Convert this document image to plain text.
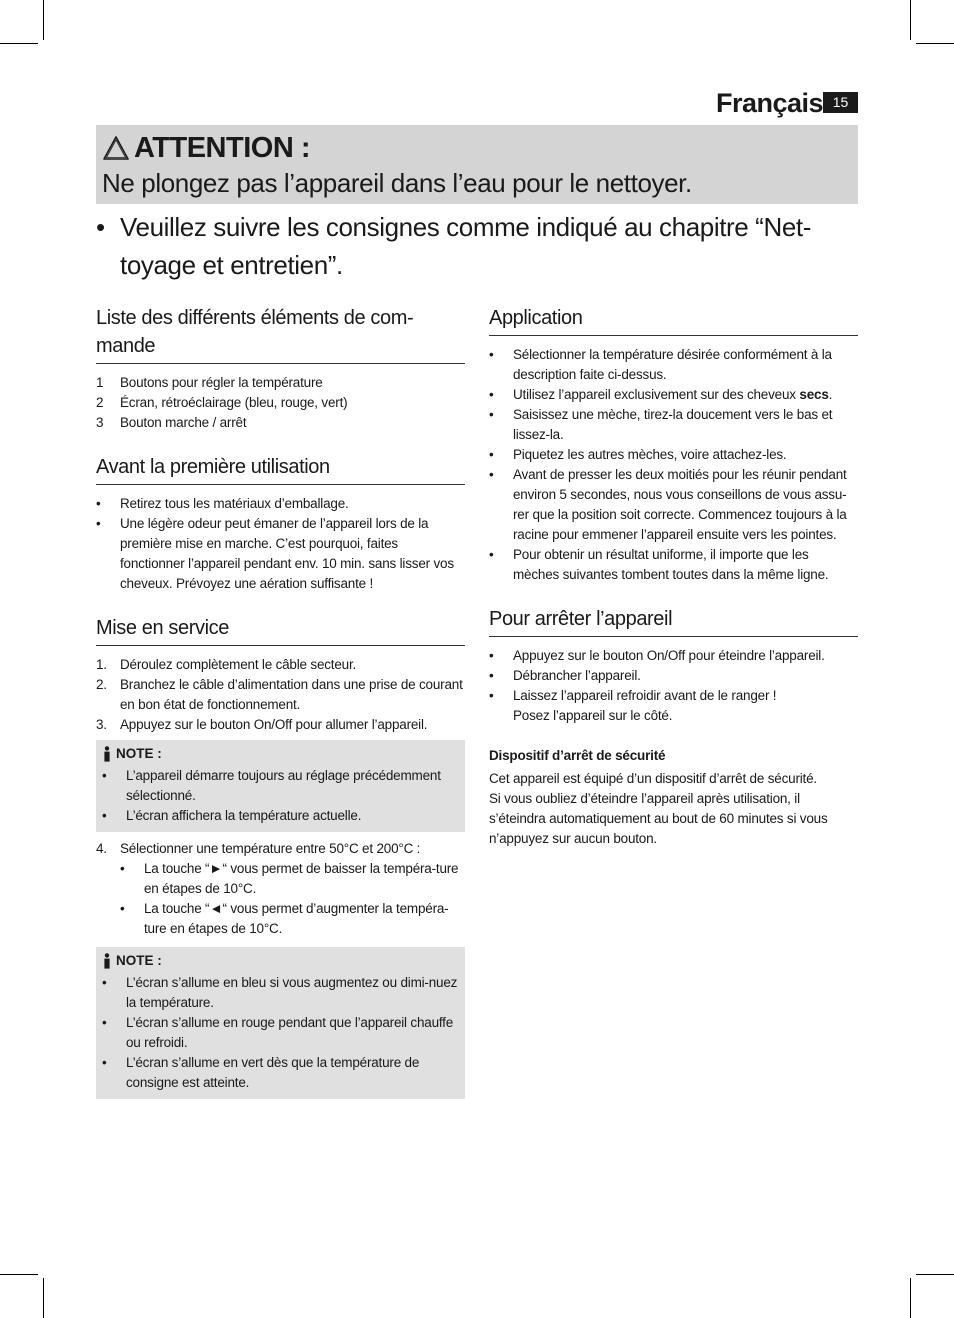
Français 15
ATTENTION :
Ne plongez pas l’appareil dans l’eau pour le nettoyer.
• Veuillez suivre les consignes comme indiqué au chapitre “Net-
toyage et entretien”.
Liste des différents éléments de com-
mande
1 Boutons pour régler la température
2 Écran, rétroéclairage (bleu, rouge, vert)
3 Bouton marche / arrêt
Avant la première utilisation
• Retirez tous les matériaux d’emballage.
• Une légère odeur peut émaner de l’appareil lors de la première mise en marche. C’est pourquoi, faites fonctionner l’appareil pendant env. 10 min. sans lisser vos cheveux. Prévoyez une aération suffisante !
Mise en service
1. Déroulez complètement le câble secteur.
2. Branchez le câble d’alimentation dans une prise de courant en bon état de fonctionnement.
3. Appuyez sur le bouton On/Off pour allumer l’appareil.
NOTE :
• L’appareil démarre toujours au réglage précédemment sélectionné.
• L’écran affichera la température actuelle.
4. Sélectionner une température entre 50°C et 200°C :
• La touche “►“ vous permet de baisser la tempéra-ture en étapes de 10°C.
• La touche “◄“ vous permet d’augmenter la tempéra-ture en étapes de 10°C.
NOTE :
• L’écran s’allume en bleu si vous augmentez ou dimi-nuez la température.
• L’écran s’allume en rouge pendant que l’appareil chauffe ou refroidi.
• L’écran s’allume en vert dès que la température de consigne est atteinte.
Application
• Sélectionner la température désirée conformément à la description faite ci-dessus.
• Utilisez l’appareil exclusivement sur des cheveux secs.
• Saisissez une mèche, tirez-la doucement vers le bas et lissez-la.
• Piquetez les autres mèches, voire attachez-les.
• Avant de presser les deux moitiés pour les réunir pendant environ 5 secondes, nous vous conseillons de vous assu-rer que la position soit correcte. Commencez toujours à la racine pour emmener l’appareil ensuite vers les pointes.
• Pour obtenir un résultat uniforme, il importe que les mèches suivantes tombent toutes dans la même ligne.
Pour arrêter l’appareil
• Appuyez sur le bouton On/Off pour éteindre l’appareil.
• Débrancher l’appareil.
• Laissez l’appareil refroidir avant de le ranger !
Posez l’appareil sur le côté.
Dispositif d’arrêt de sécurité

Cet appareil est équipé d’un dispositif d’arrêt de sécurité.

Si vous oubliez d’éteindre l’appareil après utilisation, il s’éteindra automatiquement au bout de 60 minutes si vous n’appuyez sur aucun bouton.
